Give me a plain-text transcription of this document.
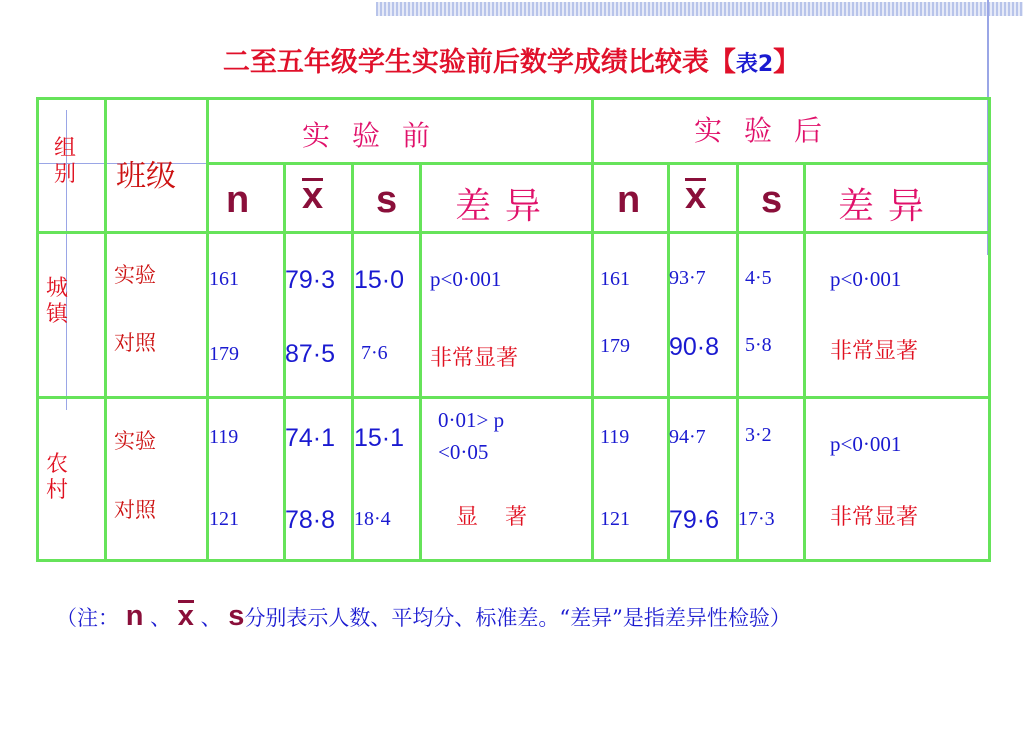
二至五年级学生实验前后数学成绩比较表【表2】
组别 班级
实验前	实验后
n x s 差异 n x s 差异
城镇
实验
对照
161
179
79·3
87·5
15·0
7·6
p<0·001
非常显著
161
179
93·7
90·8
4·5
5·8
p<0·001
非常显著
农村
实验
对照
119
121
74·1
78·8
15·1
18·4
0·01> p
<0·05
显 著
119
121
94·7
79·6
3·2
17·3
p<0·001
非常显著
（注： n 、 x 、 s分别表示人数、平均分、标准差。“差异”是指差异性检验）
